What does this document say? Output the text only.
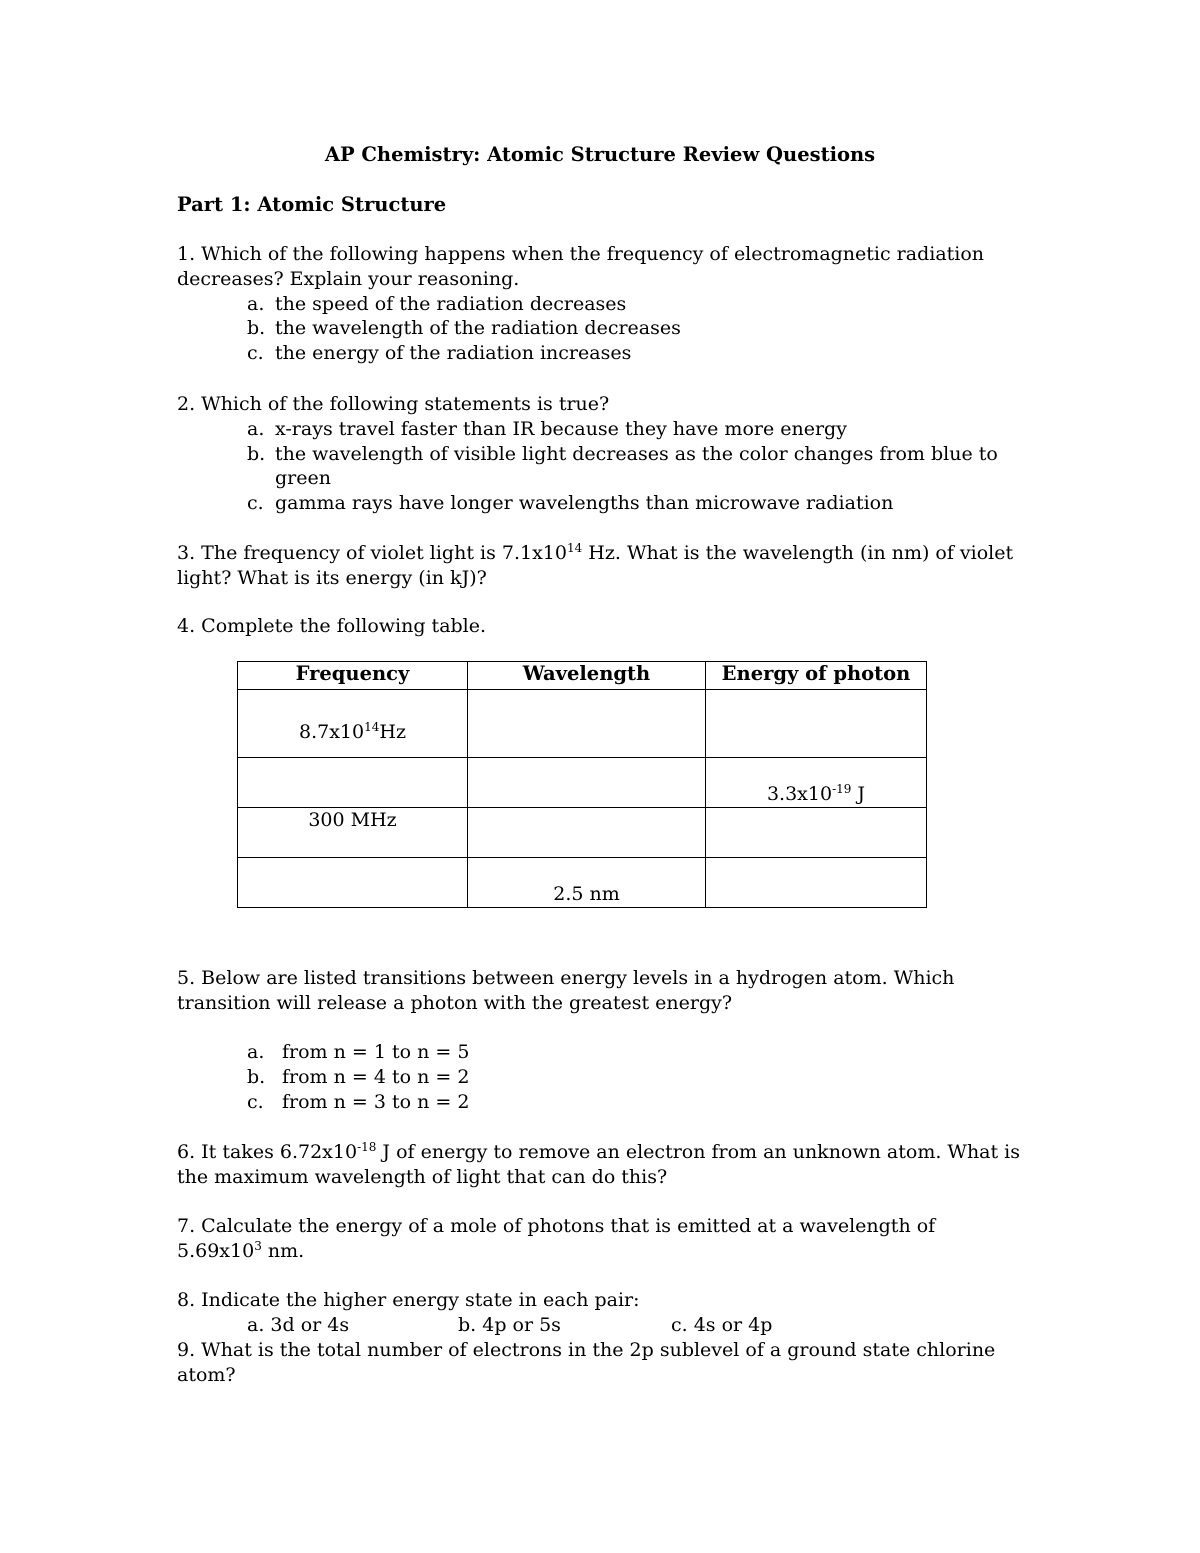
AP Chemistry: Atomic Structure Review Questions
Part 1: Atomic Structure

1. Which of the following happens when the frequency of electromagnetic radiation

decreases? Explain your reasoning.

a. the speed of the radiation decreases

b. the wavelength of the radiation decreases

c. the energy of the radiation increases

2. Which of the following statements is true?

a. x-rays travel faster than IR because they have more energy

b. the wavelength of visible light decreases as the color changes from blue to

green

c. gamma rays have longer wavelengths than microwave radiation

3. The frequency of violet light is $7.1x10^{14}$ Hz. What is the wavelength (in nm) of violet

light? What is its energy (in kJ)?

4. Complete the following table.

Frequency	Wavelength	Energy of photon
$8.7x10^{14}Hz$		
		$3.3x10^{-19}$ J
300 MHz		
	2.5 nm	

5. Below are listed transitions between energy levels in a hydrogen atom. Which

transition will release a photon with the greatest energy?

a. from n = 1 to n = 5

b. from n = 4 to n = 2

c. from n = 3 to n = 2

6. It takes $6.72x10^{-18}$ J of energy to remove an electron from an unknown atom. What is

the maximum wavelength of light that can do this?

7. Calculate the energy of a mole of photons that is emitted at a wavelength of

$5.69x10^3$ nm.

8. Indicate the higher energy state in each pair:

a. 3d or 4s	b. 4p or 5s	c. 4s or 4p

9. What is the total number of electrons in the 2p sublevel of a ground state chlorine

atom?
